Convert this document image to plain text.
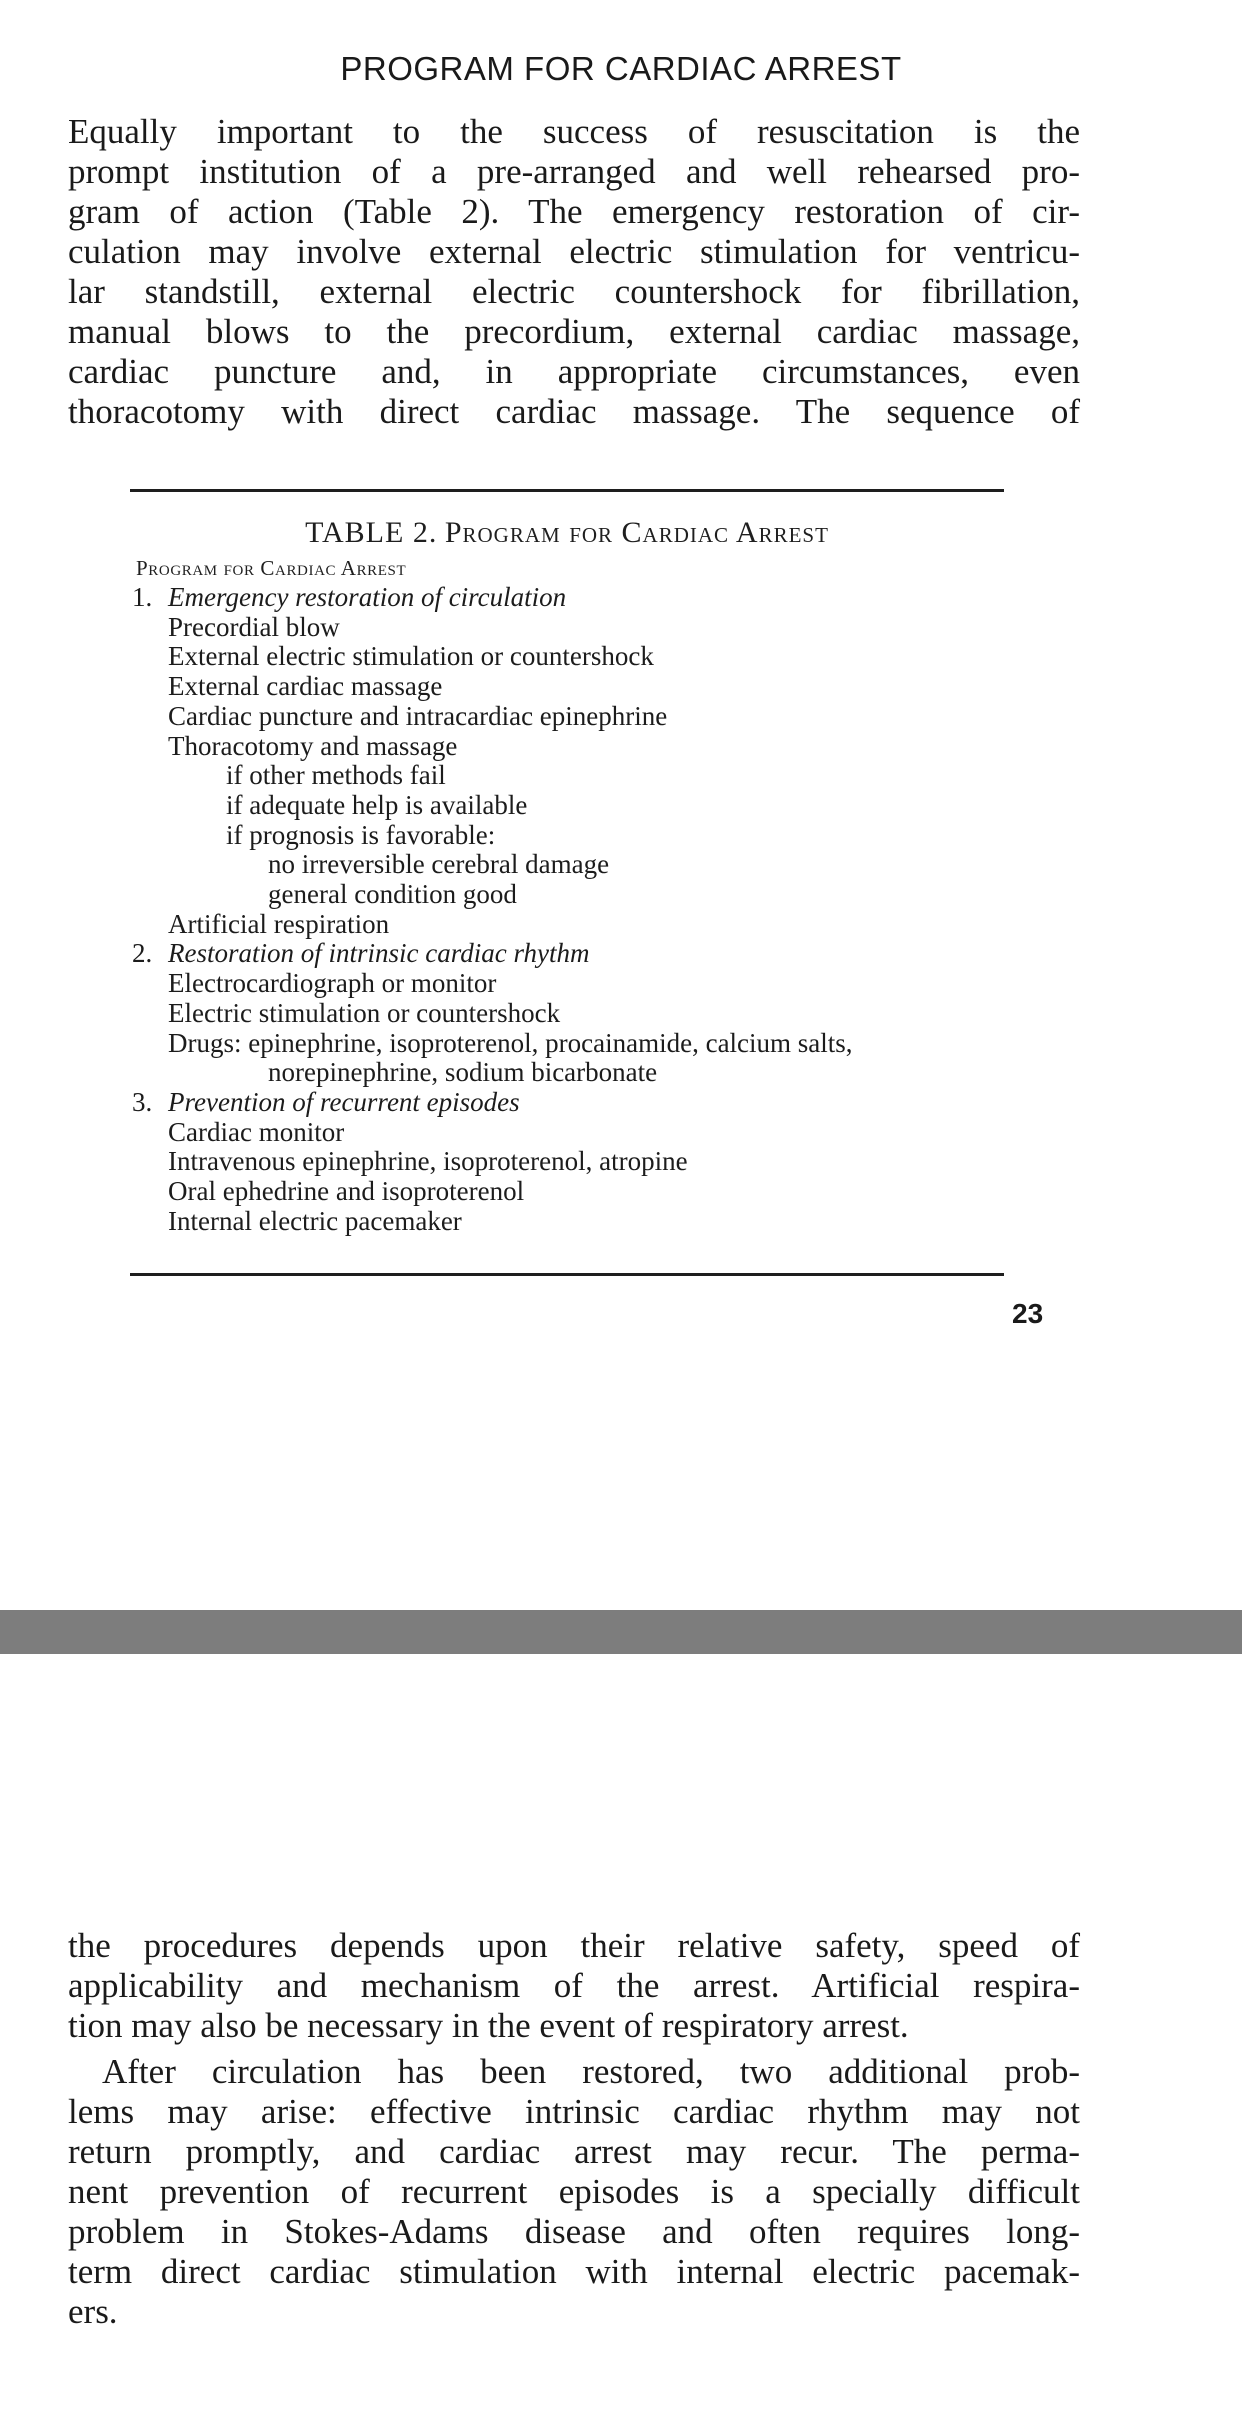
PROGRAM FOR CARDIAC ARREST
Equally important to the success of resuscitation is the
prompt institution of a pre-arranged and well rehearsed pro-
gram of action (Table 2). The emergency restoration of cir-
culation may involve external electric stimulation for ventricu-
lar standstill, external electric countershock for fibrillation,
manual blows to the precordium, external cardiac massage,
cardiac puncture and, in appropriate circumstances, even
thoracotomy with direct cardiac massage. The sequence of
TABLE 2. Program for Cardiac Arrest
Program for Cardiac Arrest
1. Emergency restoration of circulation
Precordial blow
External electric stimulation or countershock
External cardiac massage
Cardiac puncture and intracardiac epinephrine
Thoracotomy and massage
if other methods fail
if adequate help is available
if prognosis is favorable:
no irreversible cerebral damage
general condition good
Artificial respiration
2. Restoration of intrinsic cardiac rhythm
Electrocardiograph or monitor
Electric stimulation or countershock
Drugs: epinephrine, isoproterenol, procainamide, calcium salts,
norepinephrine, sodium bicarbonate
3. Prevention of recurrent episodes
Cardiac monitor
Intravenous epinephrine, isoproterenol, atropine
Oral ephedrine and isoproterenol
Internal electric pacemaker
23
the procedures depends upon their relative safety, speed of
applicability and mechanism of the arrest. Artificial respira-
tion may also be necessary in the event of respiratory arrest.
After circulation has been restored, two additional prob-
lems may arise: effective intrinsic cardiac rhythm may not
return promptly, and cardiac arrest may recur. The perma-
nent prevention of recurrent episodes is a specially difficult
problem in Stokes-Adams disease and often requires long-
term direct cardiac stimulation with internal electric pacemak-
ers.
